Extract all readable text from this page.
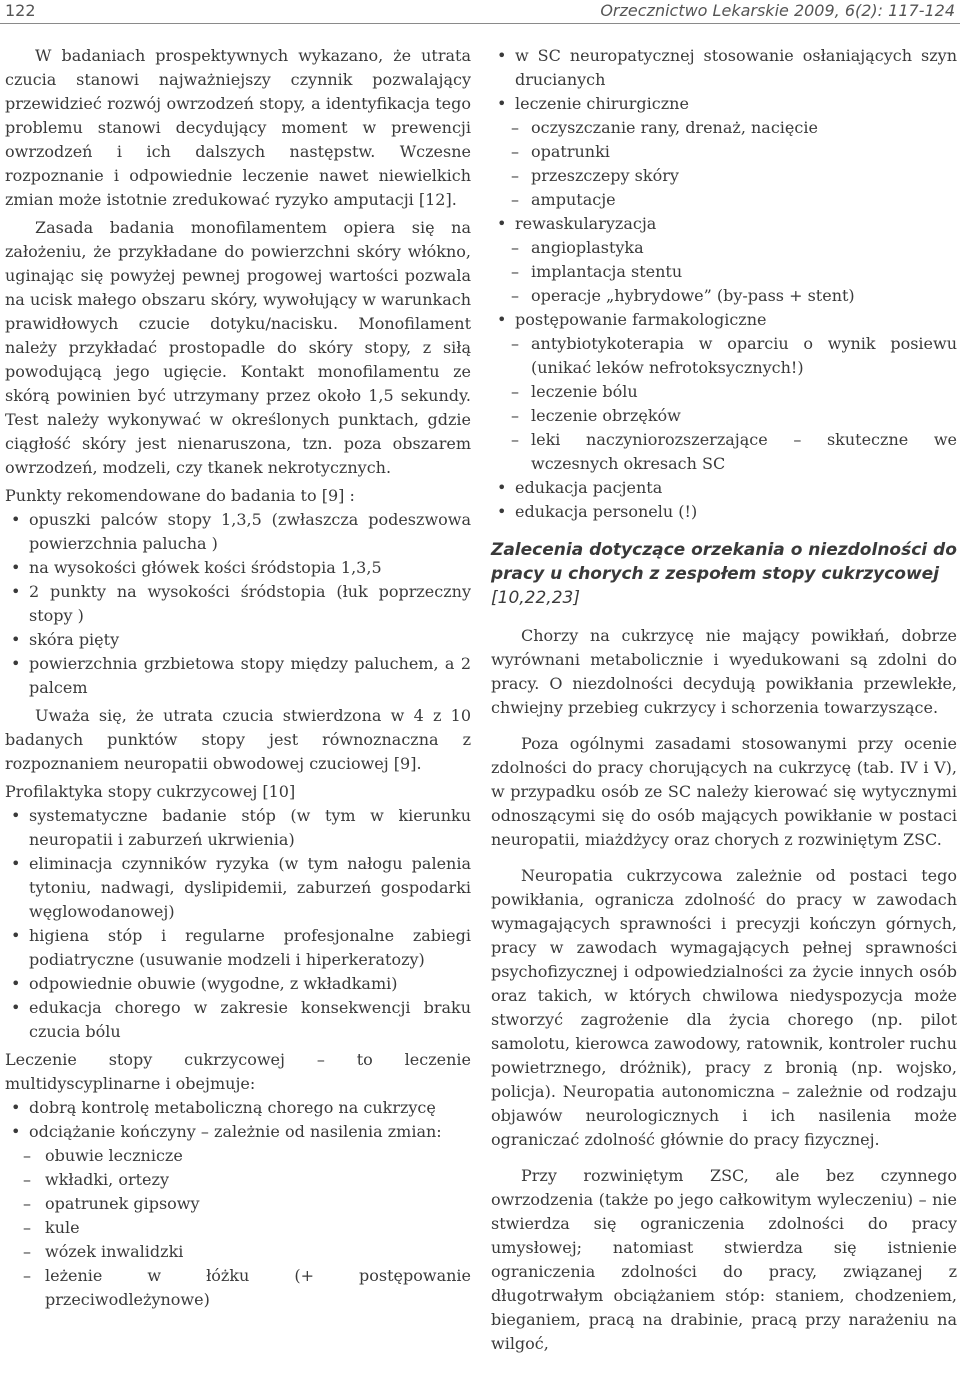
122	Orzecznictwo Lekarskie 2009, 6(2): 117-124

W badaniach prospektywnych wykazano, że utrata czucia stanowi najważniejszy czynnik pozwalający przewidzieć rozwój owrzodzeń stopy, a identyfikacja tego problemu stanowi decydujący moment w prewencji owrzodzeń i ich dalszych następstw. Wczesne rozpoznanie i odpowiednie leczenie nawet niewielkich zmian może istotnie zredukować ryzyko amputacji [12].

Zasada badania monofilamentem opiera się na założeniu, że przykładane do powierzchni skóry włókno, uginając się powyżej pewnej progowej wartości pozwala na ucisk małego obszaru skóry, wywołujący w warunkach prawidłowych czucie dotyku/nacisku. Monofilament należy przykładać prostopadle do skóry stopy, z siłą powodującą jego ugięcie. Kontakt monofilamentu ze skórą powinien być utrzymany przez około 1,5 sekundy. Test należy wykonywać w określonych punktach, gdzie ciągłość skóry jest nienaruszona, tzn. poza obszarem owrzodzeń, modzeli, czy tkanek nekrotycznych.

Punkty rekomendowane do badania to [9] :

• opuszki palców stopy 1,3,5 (zwłaszcza podeszwowa powierzchnia palucha )
• na wysokości główek kości śródstopia 1,3,5
• 2 punkty na wysokości śródstopia (łuk poprzeczny stopy )
• skóra pięty
• powierzchnia grzbietowa stopy między paluchem, a 2 palcem

Uważa się, że utrata czucia stwierdzona w 4 z 10 badanych punktów stopy jest równoznaczna z rozpoznaniem neuropatii obwodowej czuciowej [9].

Profilaktyka stopy cukrzycowej [10]

• systematyczne badanie stóp (w tym w kierunku neuropatii i zaburzeń ukrwienia)
• eliminacja czynników ryzyka (w tym nałogu palenia tytoniu, nadwagi, dyslipidemii, zaburzeń gospodarki węglowodanowej)
• higiena stóp i regularne profesjonalne zabiegi podiatryczne (usuwanie modzeli i hiperkeratozy)
• odpowiednie obuwie (wygodne, z wkładkami)
• edukacja chorego w zakresie konsekwencji braku czucia bólu

Leczenie stopy cukrzycowej – to leczenie multidyscyplinarne i obejmuje:

• dobrą kontrolę metaboliczną chorego na cukrzycę
• odciążanie kończyny – zależnie od nasilenia zmian:
– obuwie lecznicze
– wkładki, ortezy
– opatrunek gipsowy
– kule
– wózek inwalidzki
– leżenie w łóżku (+ postępowanie przeciwodleżynowe)
• w SC neuropatycznej stosowanie osłaniających szyn drucianych
• leczenie chirurgiczne
– oczyszczanie rany, drenaż, nacięcie
– opatrunki
– przeszczepy skóry
– amputacje
• rewaskularyzacja
– angioplastyka
– implantacja stentu
– operacje „hybrydowe” (by-pass + stent)
• postępowanie farmakologiczne
– antybiotykoterapia w oparciu o wynik posiewu (unikać leków nefrotoksycznych!)
– leczenie bólu
– leczenie obrzęków
– leki naczyniorozszerzające – skuteczne we wczesnych okresach SC
• edukacja pacjenta
• edukacja personelu (!)

Zalecenia dotyczące orzekania o niezdolności do pracy u chorych z zespołem stopy cukrzycowej [10,22,23]

Chorzy na cukrzycę nie mający powikłań, dobrze wyrównani metabolicznie i wyedukowani są zdolni do pracy. O niezdolności decydują powikłania przewlekłe, chwiejny przebieg cukrzycy i schorzenia towarzyszące.

Poza ogólnymi zasadami stosowanymi przy ocenie zdolności do pracy chorujących na cukrzycę (tab. IV i V), w przypadku osób ze SC należy kierować się wytycznymi odnoszącymi się do osób mających powikłanie w postaci neuropatii, miażdżycy oraz chorych z rozwiniętym ZSC.

Neuropatia cukrzycowa zależnie od postaci tego powikłania, ogranicza zdolność do pracy w zawodach wymagających sprawności i precyzji kończyn górnych, pracy w zawodach wymagających pełnej sprawności psychofizycznej i odpowiedzialności za życie innych osób oraz takich, w których chwilowa niedyspozycja może stworzyć zagrożenie dla życia chorego (np. pilot samolotu, kierowca zawodowy, ratownik, kontroler ruchu powietrznego, dróżnik), pracy z bronią (np. wojsko, policja). Neuropatia autonomiczna – zależnie od rodzaju objawów neurologicznych i ich nasilenia może ograniczać zdolność głównie do pracy fizycznej.

Przy rozwiniętym ZSC, ale bez czynnego owrzodzenia (także po jego całkowitym wyleczeniu) – nie stwierdza się ograniczenia zdolności do pracy umysłowej; natomiast stwierdza się istnienie ograniczenia zdolności do pracy, związanej z długotrwałym obciążaniem stóp: staniem, chodzeniem, bieganiem, pracą na drabinie, pracą przy narażeniu na wilgoć,
